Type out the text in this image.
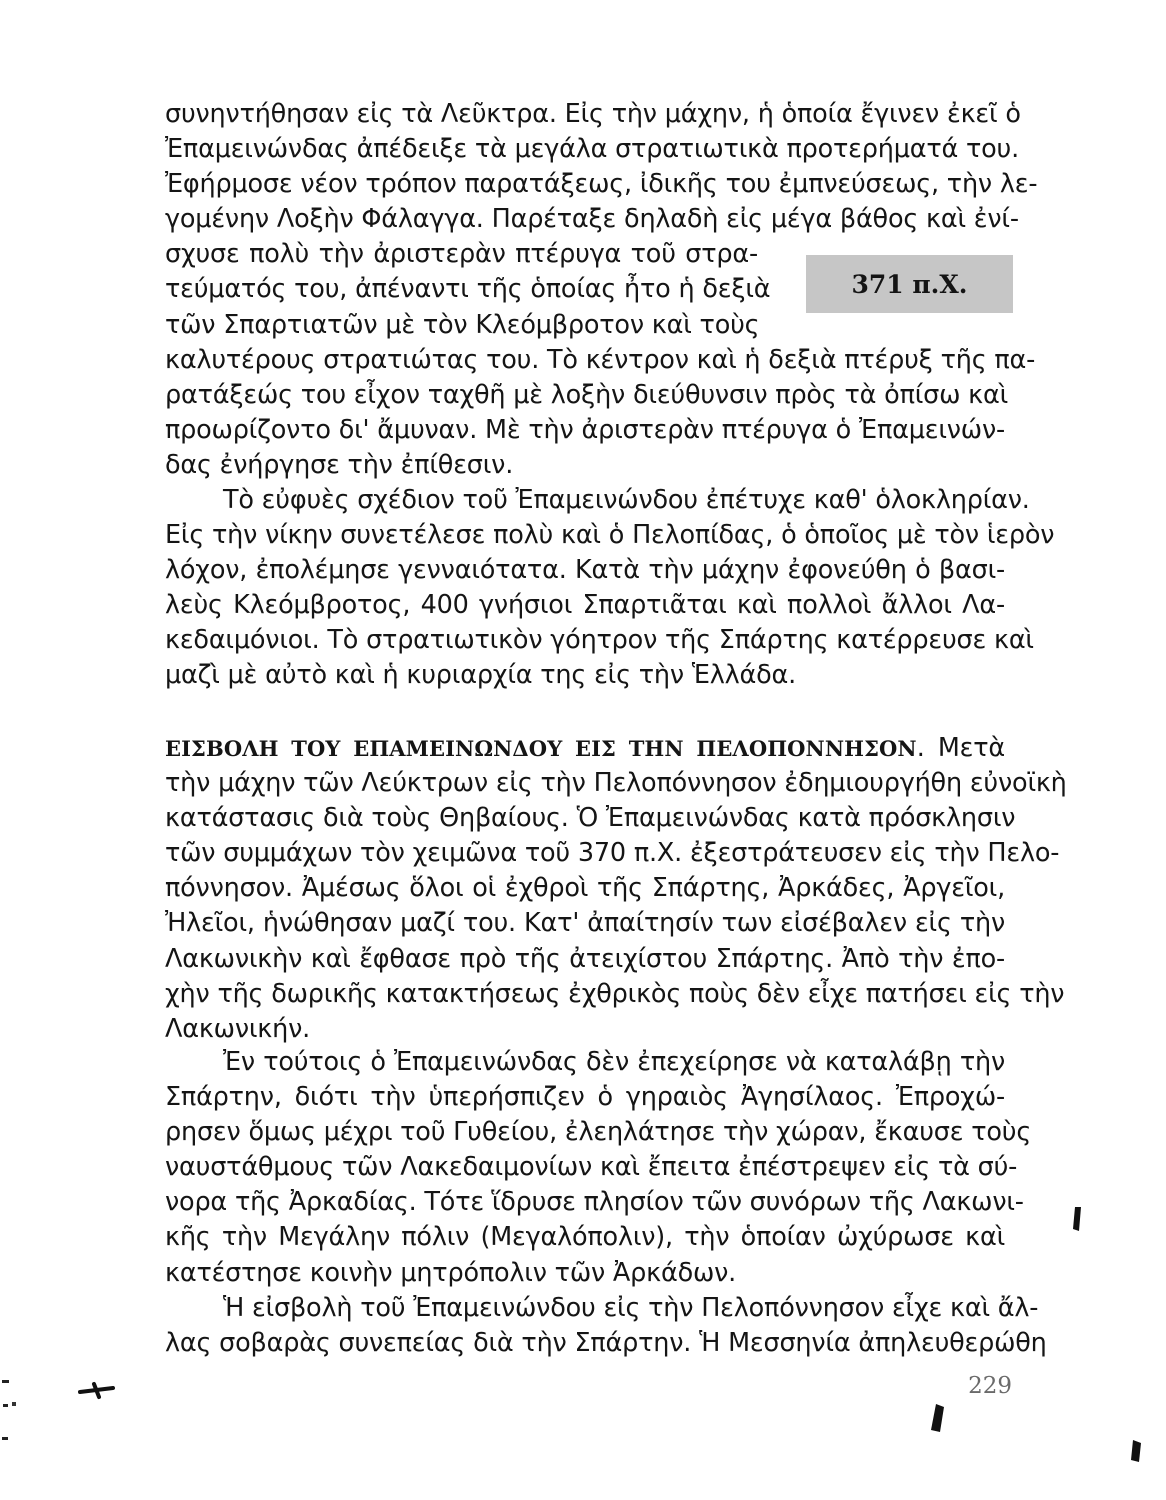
συνηντήθησαν εἰς τὰ Λεῦκτρα. Εἰς τὴν μάχην, ἡ ὁποία ἔγινεν ἐκεῖ ὁ
Ἐπαμεινώνδας ἀπέδειξε τὰ μεγάλα στρατιωτικὰ προτερήματά του.
Ἐφήρμοσε νέον τρόπον παρατάξεως, ἰδικῆς του ἐμπνεύσεως, τὴν λε-
γομένην Λοξὴν Φάλαγγα. Παρέταξε δηλαδὴ εἰς μέγα βάθος καὶ ἐνί-
σχυσε πολὺ τὴν ἀριστερὰν πτέρυγα τοῦ στρα-
τεύματός του, ἀπέναντι τῆς ὁποίας ἦτο ἡ δεξιὰ
τῶν Σπαρτιατῶν μὲ τὸν Κλεόμβροτον καὶ τοὺς
καλυτέρους στρατιώτας του. Τὸ κέντρον καὶ ἡ δεξιὰ πτέρυξ τῆς πα-
ρατάξεώς του εἶχον ταχθῆ μὲ λοξὴν διεύθυνσιν πρὸς τὰ ὀπίσω καὶ
προωρίζοντο δι' ἄμυναν. Μὲ τὴν ἀριστερὰν πτέρυγα ὁ Ἐπαμεινών-
δας ἐνήργησε τὴν ἐπίθεσιν.
371 π.Χ.
Τὸ εὐφυὲς σχέδιον τοῦ Ἐπαμεινώνδου ἐπέτυχε καθ' ὁλοκληρίαν.
Εἰς τὴν νίκην συνετέλεσε πολὺ καὶ ὁ Πελοπίδας, ὁ ὁποῖος μὲ τὸν ἱερὸν
λόχον, ἐπολέμησε γενναιότατα. Κατὰ τὴν μάχην ἐφονεύθη ὁ βασι-
λεὺς Κλεόμβροτος, 400 γνήσιοι Σπαρτιᾶται καὶ πολλοὶ ἄλλοι Λα-
κεδαιμόνιοι. Τὸ στρατιωτικὸν γόητρον τῆς Σπάρτης κατέρρευσε καὶ
μαζὶ μὲ αὐτὸ καὶ ἡ κυριαρχία της εἰς τὴν Ἑλλάδα.
ΕΙΣΒΟΛΗ ΤΟΥ ΕΠΑΜΕΙΝΩΝΔΟΥ ΕΙΣ ΤΗΝ ΠΕΛΟΠΟΝΝΗΣΟΝ. Μετὰ
τὴν μάχην τῶν Λεύκτρων εἰς τὴν Πελοπόννησον ἐδημιουργήθη εὐνοϊκὴ
κατάστασις διὰ τοὺς Θηβαίους. Ὁ Ἐπαμεινώνδας κατὰ πρόσκλησιν
τῶν συμμάχων τὸν χειμῶνα τοῦ 370 π.Χ. ἐξεστράτευσεν εἰς τὴν Πελο-
πόννησον. Ἀμέσως ὅλοι οἱ ἐχθροὶ τῆς Σπάρτης, Ἀρκάδες, Ἀργεῖοι,
Ἠλεῖοι, ἡνώθησαν μαζί του. Κατ' ἀπαίτησίν των εἰσέβαλεν εἰς τὴν
Λακωνικὴν καὶ ἔφθασε πρὸ τῆς ἀτειχίστου Σπάρτης. Ἀπὸ τὴν ἐπο-
χὴν τῆς δωρικῆς κατακτήσεως ἐχθρικὸς ποὺς δὲν εἶχε πατήσει εἰς τὴν
Λακωνικήν.
Ἐν τούτοις ὁ Ἐπαμεινώνδας δὲν ἐπεχείρησε νὰ καταλάβῃ τὴν
Σπάρτην, διότι τὴν ὑπερήσπιζεν ὁ γηραιὸς Ἀγησίλαος. Ἐπροχώ-
ρησεν ὅμως μέχρι τοῦ Γυθείου, ἐλεηλάτησε τὴν χώραν, ἔκαυσε τοὺς
ναυστάθμους τῶν Λακεδαιμονίων καὶ ἔπειτα ἐπέστρεψεν εἰς τὰ σύ-
νορα τῆς Ἀρκαδίας. Τότε ἵδρυσε πλησίον τῶν συνόρων τῆς Λακωνι-
κῆς τὴν Μεγάλην πόλιν (Μεγαλόπολιν), τὴν ὁποίαν ὠχύρωσε καὶ
κατέστησε κοινὴν μητρόπολιν τῶν Ἀρκάδων.
Ἡ εἰσβολὴ τοῦ Ἐπαμεινώνδου εἰς τὴν Πελοπόννησον εἶχε καὶ ἄλ-
λας σοβαρὰς συνεπείας διὰ τὴν Σπάρτην. Ἡ Μεσσηνία ἀπηλευθερώθη
229
